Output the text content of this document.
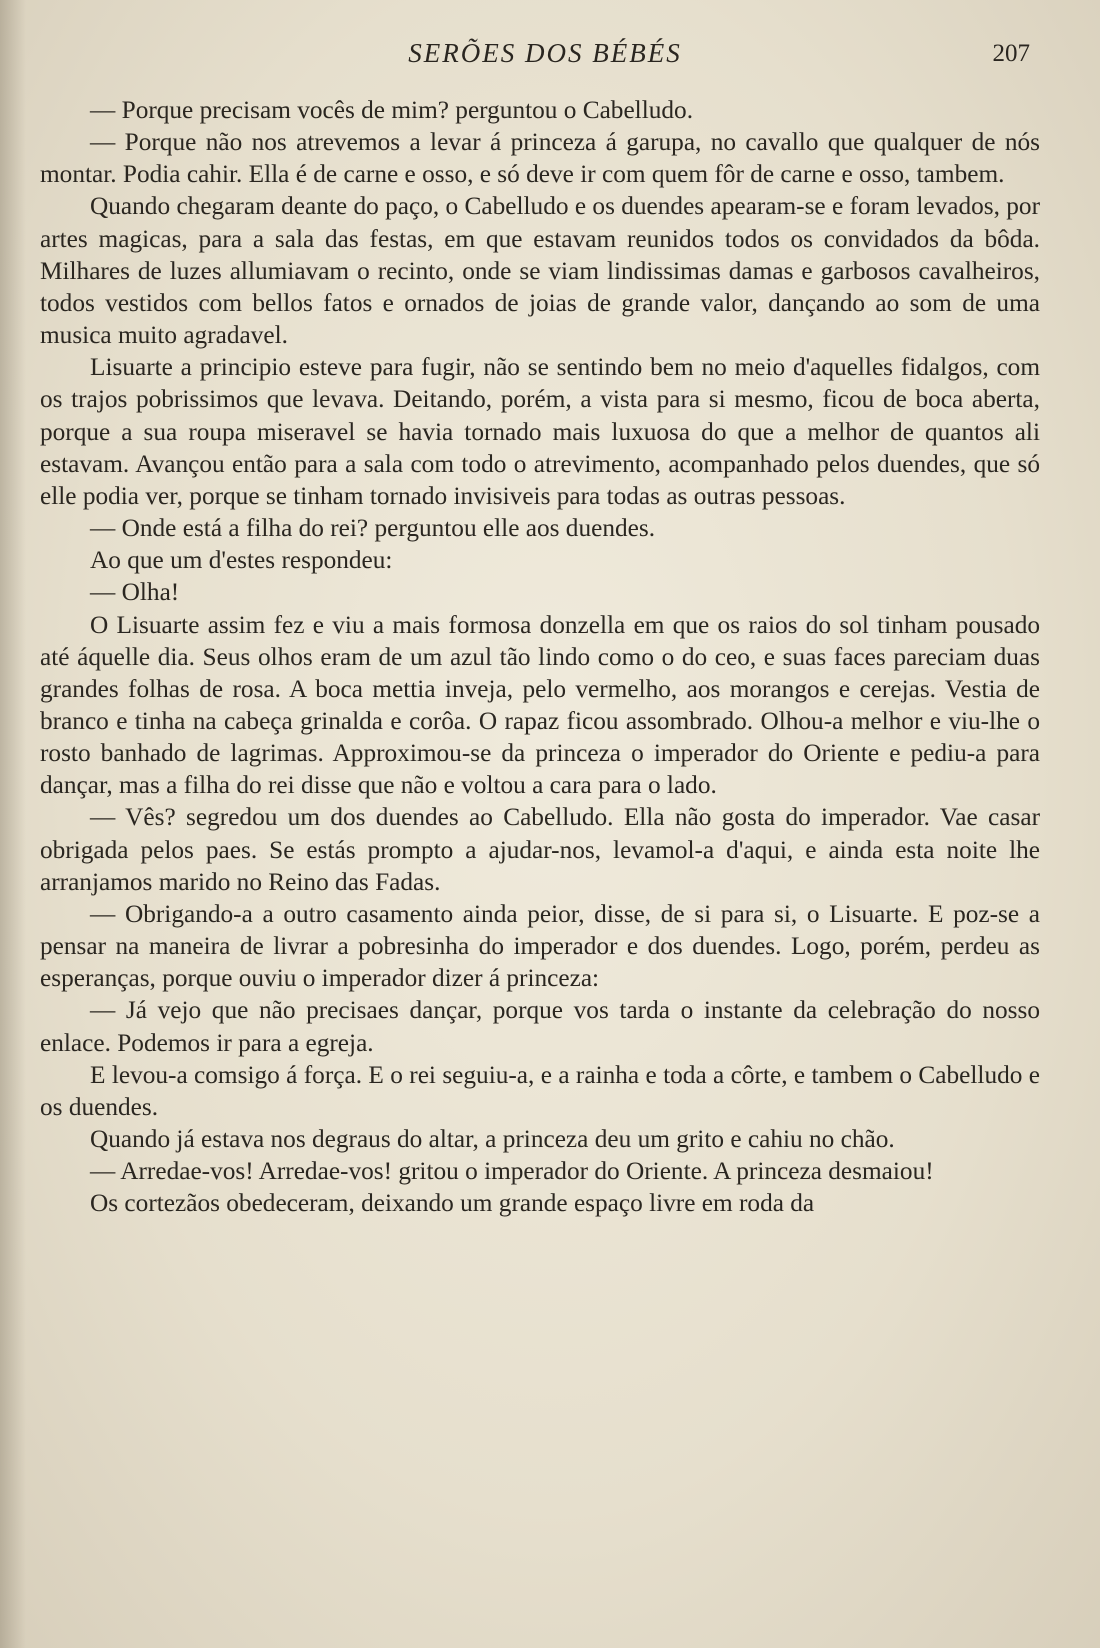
SERÕES DOS BÉBÉS	207

— Porque precisam vocês de mim? perguntou o Cabelludo.

— Porque não nos atrevemos a levar á princeza á garupa, no cavallo que qualquer de nós montar. Podia cahir. Ella é de carne e osso, e só deve ir com quem fôr de carne e osso, tambem.

Quando chegaram deante do paço, o Cabelludo e os duendes apearam-se e foram levados, por artes magicas, para a sala das festas, em que estavam reunidos todos os convidados da bôda. Milhares de luzes allumiavam o recinto, onde se viam lindissimas damas e garbosos cavalheiros, todos vestidos com bellos fatos e ornados de joias de grande valor, dançando ao som de uma musica muito agradavel.

Lisuarte a principio esteve para fugir, não se sentindo bem no meio d'aquelles fidalgos, com os trajos pobrissimos que levava. Deitando, porém, a vista para si mesmo, ficou de boca aberta, porque a sua roupa miseravel se havia tornado mais luxuosa do que a melhor de quantos ali estavam. Avançou então para a sala com todo o atrevimento, acompanhado pelos duendes, que só elle podia ver, porque se tinham tornado invisiveis para todas as outras pessoas.

— Onde está a filha do rei? perguntou elle aos duendes.

Ao que um d'estes respondeu:

— Olha!

O Lisuarte assim fez e viu a mais formosa donzella em que os raios do sol tinham pousado até áquelle dia. Seus olhos eram de um azul tão lindo como o do ceo, e suas faces pareciam duas grandes folhas de rosa. A boca mettia inveja, pelo vermelho, aos morangos e cerejas. Vestia de branco e tinha na cabeça grinalda e corôa. O rapaz ficou assombrado. Olhou-a melhor e viu-lhe o rosto banhado de lagrimas. Approximou-se da princeza o imperador do Oriente e pediu-a para dançar, mas a filha do rei disse que não e voltou a cara para o lado.

— Vês? segredou um dos duendes ao Cabelludo. Ella não gosta do imperador. Vae casar obrigada pelos paes. Se estás prompto a ajudar-nos, levamol-a d'aqui, e ainda esta noite lhe arranjamos marido no Reino das Fadas.

— Obrigando-a a outro casamento ainda peior, disse, de si para si, o Lisuarte. E poz-se a pensar na maneira de livrar a pobresinha do imperador e dos duendes. Logo, porém, perdeu as esperanças, porque ouviu o imperador dizer á princeza:

— Já vejo que não precisaes dançar, porque vos tarda o instante da celebração do nosso enlace. Podemos ir para a egreja.

E levou-a comsigo á força. E o rei seguiu-a, e a rainha e toda a côrte, e tambem o Cabelludo e os duendes.

Quando já estava nos degraus do altar, a princeza deu um grito e cahiu no chão.

— Arredae-vos! Arredae-vos! gritou o imperador do Oriente. A princeza desmaiou!

Os cortezãos obedeceram, deixando um grande espaço livre em roda da
